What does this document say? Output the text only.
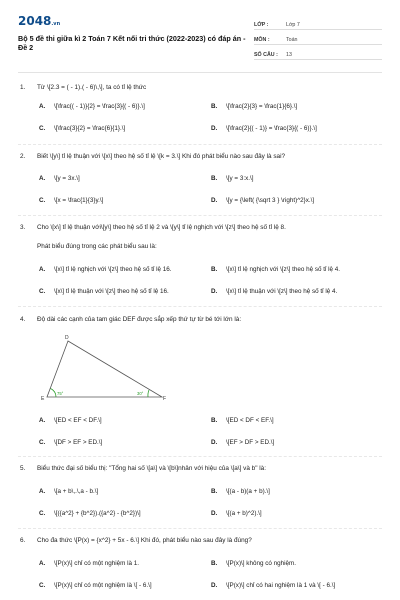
2048.vn
Bộ 5 đề thi giữa kì 2 Toán 7 Kết nối tri thức (2022-2023) có đáp án - Đề 2
LỚP :	Lớp 7
MÔN :	Toán
SỐ CÂU :	13
1. Từ \[2.3 = ( - 1).( - 6)\,\], ta có tỉ lệ thức
A. \[\frac{( - 1)}{2} = \frac{3}{( - 6)}.\]	B. \[\frac{2}{3} = \frac{1}{6}.\]
C. \[\frac{3}{2} = \frac{6}{1}.\]	D. \[\frac{2}{( - 1)} = \frac{3}{( - 6)}.\]
2. Biết \[y\] tỉ lệ thuận với \[x\] theo hệ số tỉ lệ \[k = 3.\] Khi đó phát biểu nào sau đây là sai?
A. \[y = 3x.\]	B. \[y = 3:x.\]
C. \[x = \frac{1}{3}y.\]	D. \[y = {\left( {\sqrt 3 } \right)^2}x.\]
3. Cho \[x\] tỉ lệ thuận với\[y\] theo hệ số tỉ lệ 2 và \[y\] tỉ lệ nghịch với \[z\] theo hệ số tỉ lệ 8.
Phát biểu đúng trong các phát biểu sau là:
A. \[x\] tỉ lệ nghịch với \[z\] theo hệ số tỉ lệ 16.	B. \[x\] tỉ lệ nghịch với \[z\] theo hệ số tỉ lệ 4.
C. \[x\] tỉ lệ thuận với \[z\] theo hệ số tỉ lệ 16.	D. \[x\] tỉ lệ thuận với \[z\] theo hệ số tỉ lệ 4.
4. Độ dài các cạnh của tam giác DEF được sắp xếp thứ tự từ bé tới lớn là:
D
E	F
75°	30°
A. \[ED < EF < DF.\]	B. \[ED < DF < EF.\]
C. \[DF > EF > ED.\]	D. \[EF > DF > ED.\]
5. Biểu thức đại số biểu thị: "Tổng hai số \[a\] và \[b\]nhân với hiệu của \[a\] và b" là:
A. \[a + b\,.\,a - b.\]	B. \[(a - b)(a + b).\]
C. \[({a^2} + {b^2}).({a^2} - {b^2})\]	D. \[(a + b)^2).\]
6. Cho đa thức \[P(x) = {x^2} + 5x - 6.\] Khi đó, phát biểu nào sau đây là đúng?
A. \[P(x)\] chỉ có một nghiệm là 1.	B. \[P(x)\] không có nghiệm.
C. \[P(x)\] chỉ có một nghiệm là \[ - 6.\]	D. \[P(x)\] chỉ có hai nghiệm là 1 và \[ - 6.\]
